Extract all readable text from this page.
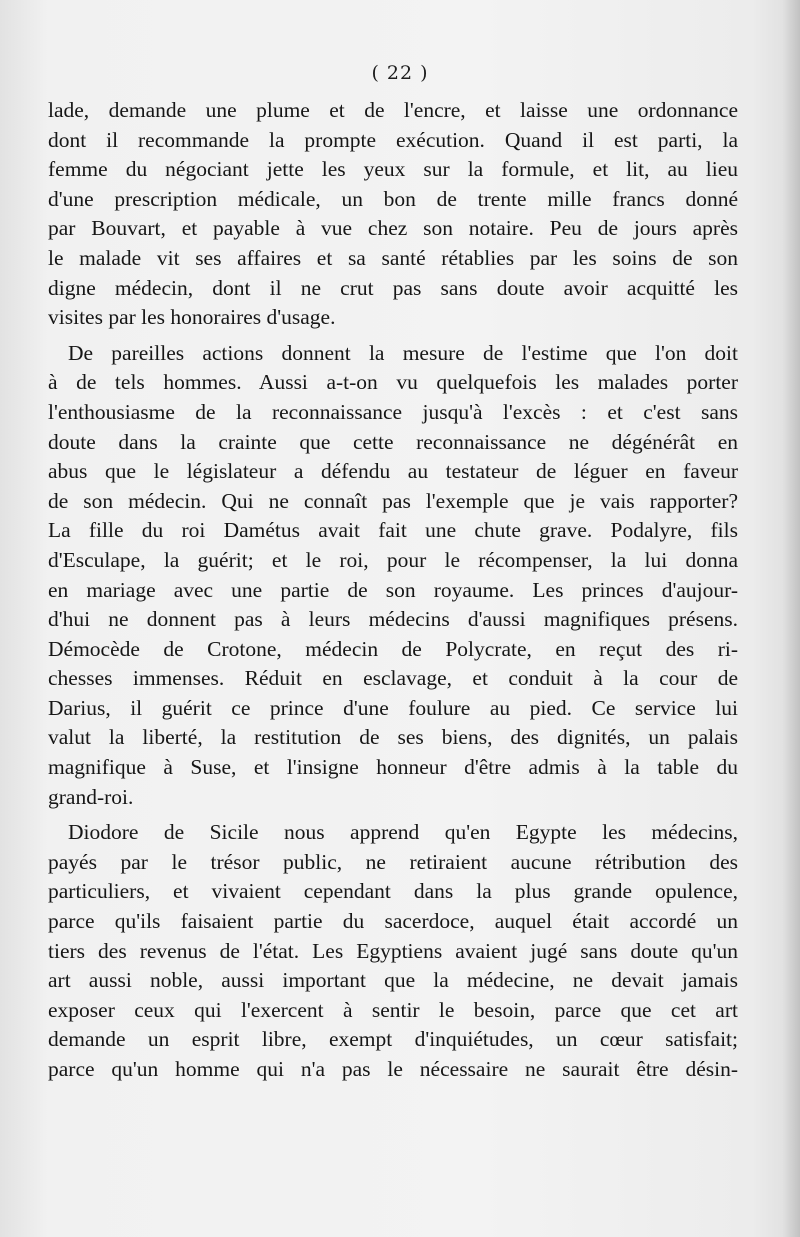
( 22 )
lade, demande une plume et de l'encre, et laisse une ordonnance
dont il recommande la prompte exécution. Quand il est parti, la
femme du négociant jette les yeux sur la formule, et lit, au lieu
d'une prescription médicale, un bon de trente mille francs donné
par Bouvart, et payable à vue chez son notaire. Peu de jours après
le malade vit ses affaires et sa santé rétablies par les soins de son
digne médecin, dont il ne crut pas sans doute avoir acquitté les
visites par les honoraires d'usage.
De pareilles actions donnent la mesure de l'estime que l'on doit
à de tels hommes. Aussi a-t-on vu quelquefois les malades porter
l'enthousiasme de la reconnaissance jusqu'à l'excès : et c'est sans
doute dans la crainte que cette reconnaissance ne dégénérât en
abus que le législateur a défendu au testateur de léguer en faveur
de son médecin. Qui ne connaît pas l'exemple que je vais rapporter?
La fille du roi Damétus avait fait une chute grave. Podalyre, fils
d'Esculape, la guérit; et le roi, pour le récompenser, la lui donna
en mariage avec une partie de son royaume. Les princes d'aujour-
d'hui ne donnent pas à leurs médecins d'aussi magnifiques présens.
Démocède de Crotone, médecin de Polycrate, en reçut des ri-
chesses immenses. Réduit en esclavage, et conduit à la cour de
Darius, il guérit ce prince d'une foulure au pied. Ce service lui
valut la liberté, la restitution de ses biens, des dignités, un palais
magnifique à Suse, et l'insigne honneur d'être admis à la table du
grand-roi.
Diodore de Sicile nous apprend qu'en Egypte les médecins,
payés par le trésor public, ne retiraient aucune rétribution des
particuliers, et vivaient cependant dans la plus grande opulence,
parce qu'ils faisaient partie du sacerdoce, auquel était accordé un
tiers des revenus de l'état. Les Egyptiens avaient jugé sans doute qu'un
art aussi noble, aussi important que la médecine, ne devait jamais
exposer ceux qui l'exercent à sentir le besoin, parce que cet art
demande un esprit libre, exempt d'inquiétudes, un cœur satisfait;
parce qu'un homme qui n'a pas le nécessaire ne saurait être désin-
